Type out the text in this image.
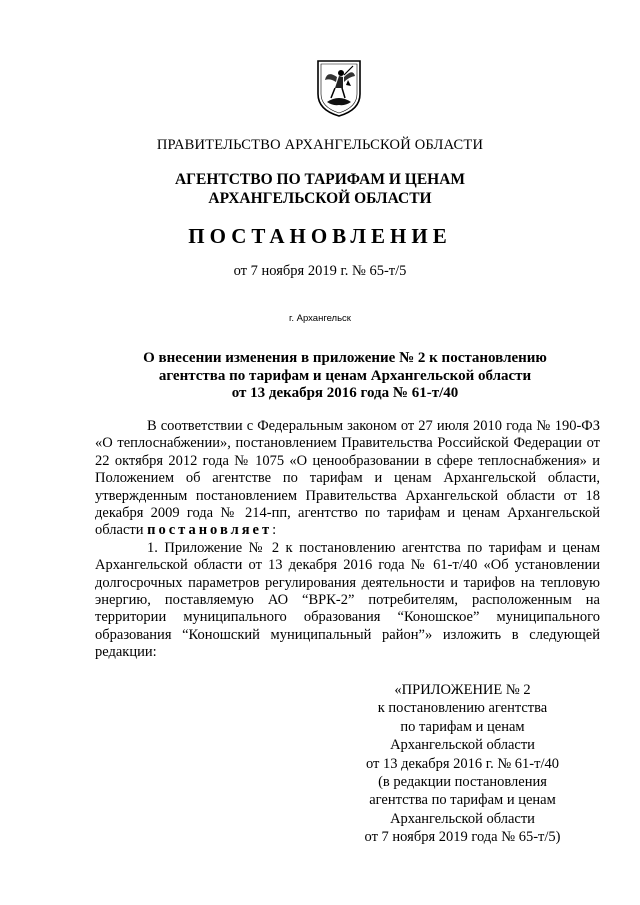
ПРАВИТЕЛЬСТВО АРХАНГЕЛЬСКОЙ ОБЛАСТИ
АГЕНТСТВО ПО ТАРИФАМ И ЦЕНАМ
АРХАНГЕЛЬСКОЙ ОБЛАСТИ
ПОСТАНОВЛЕНИЕ
от 7 ноября 2019 г. № 65-т/5
г. Архангельск
О внесении изменения в приложение № 2 к постановлению
агентства по тарифам и ценам Архангельской области
от 13 декабря 2016 года № 61-т/40

В соответствии с Федеральным законом от 27 июля 2010 года № 190-ФЗ «О теплоснабжении», постановлением Правительства Российской Федерации от 22 октября 2012 года № 1075 «О ценообразовании в сфере теплоснабжения» и Положением об агентстве по тарифам и ценам Архангельской области, утвержденным постановлением Правительства Архангельской области от 18 декабря 2009 года № 214-пп, агентство по тарифам и ценам Архангельской области постановляет:

1. Приложение № 2 к постановлению агентства по тарифам и ценам Архангельской области от 13 декабря 2016 года № 61-т/40 «Об установлении долгосрочных параметров регулирования деятельности и тарифов на тепловую энергию, поставляемую АО “ВРК-2” потребителям, расположенным на территории муниципального образования “Коношское” муниципального образования “Коношский муниципальный район”» изложить в следующей редакции:

«ПРИЛОЖЕНИЕ № 2
к постановлению агентства
по тарифам и ценам
Архангельской области
от 13 декабря 2016 г. № 61-т/40
(в редакции постановления
агентства по тарифам и ценам
Архангельской области
от 7 ноября 2019 года № 65-т/5)
